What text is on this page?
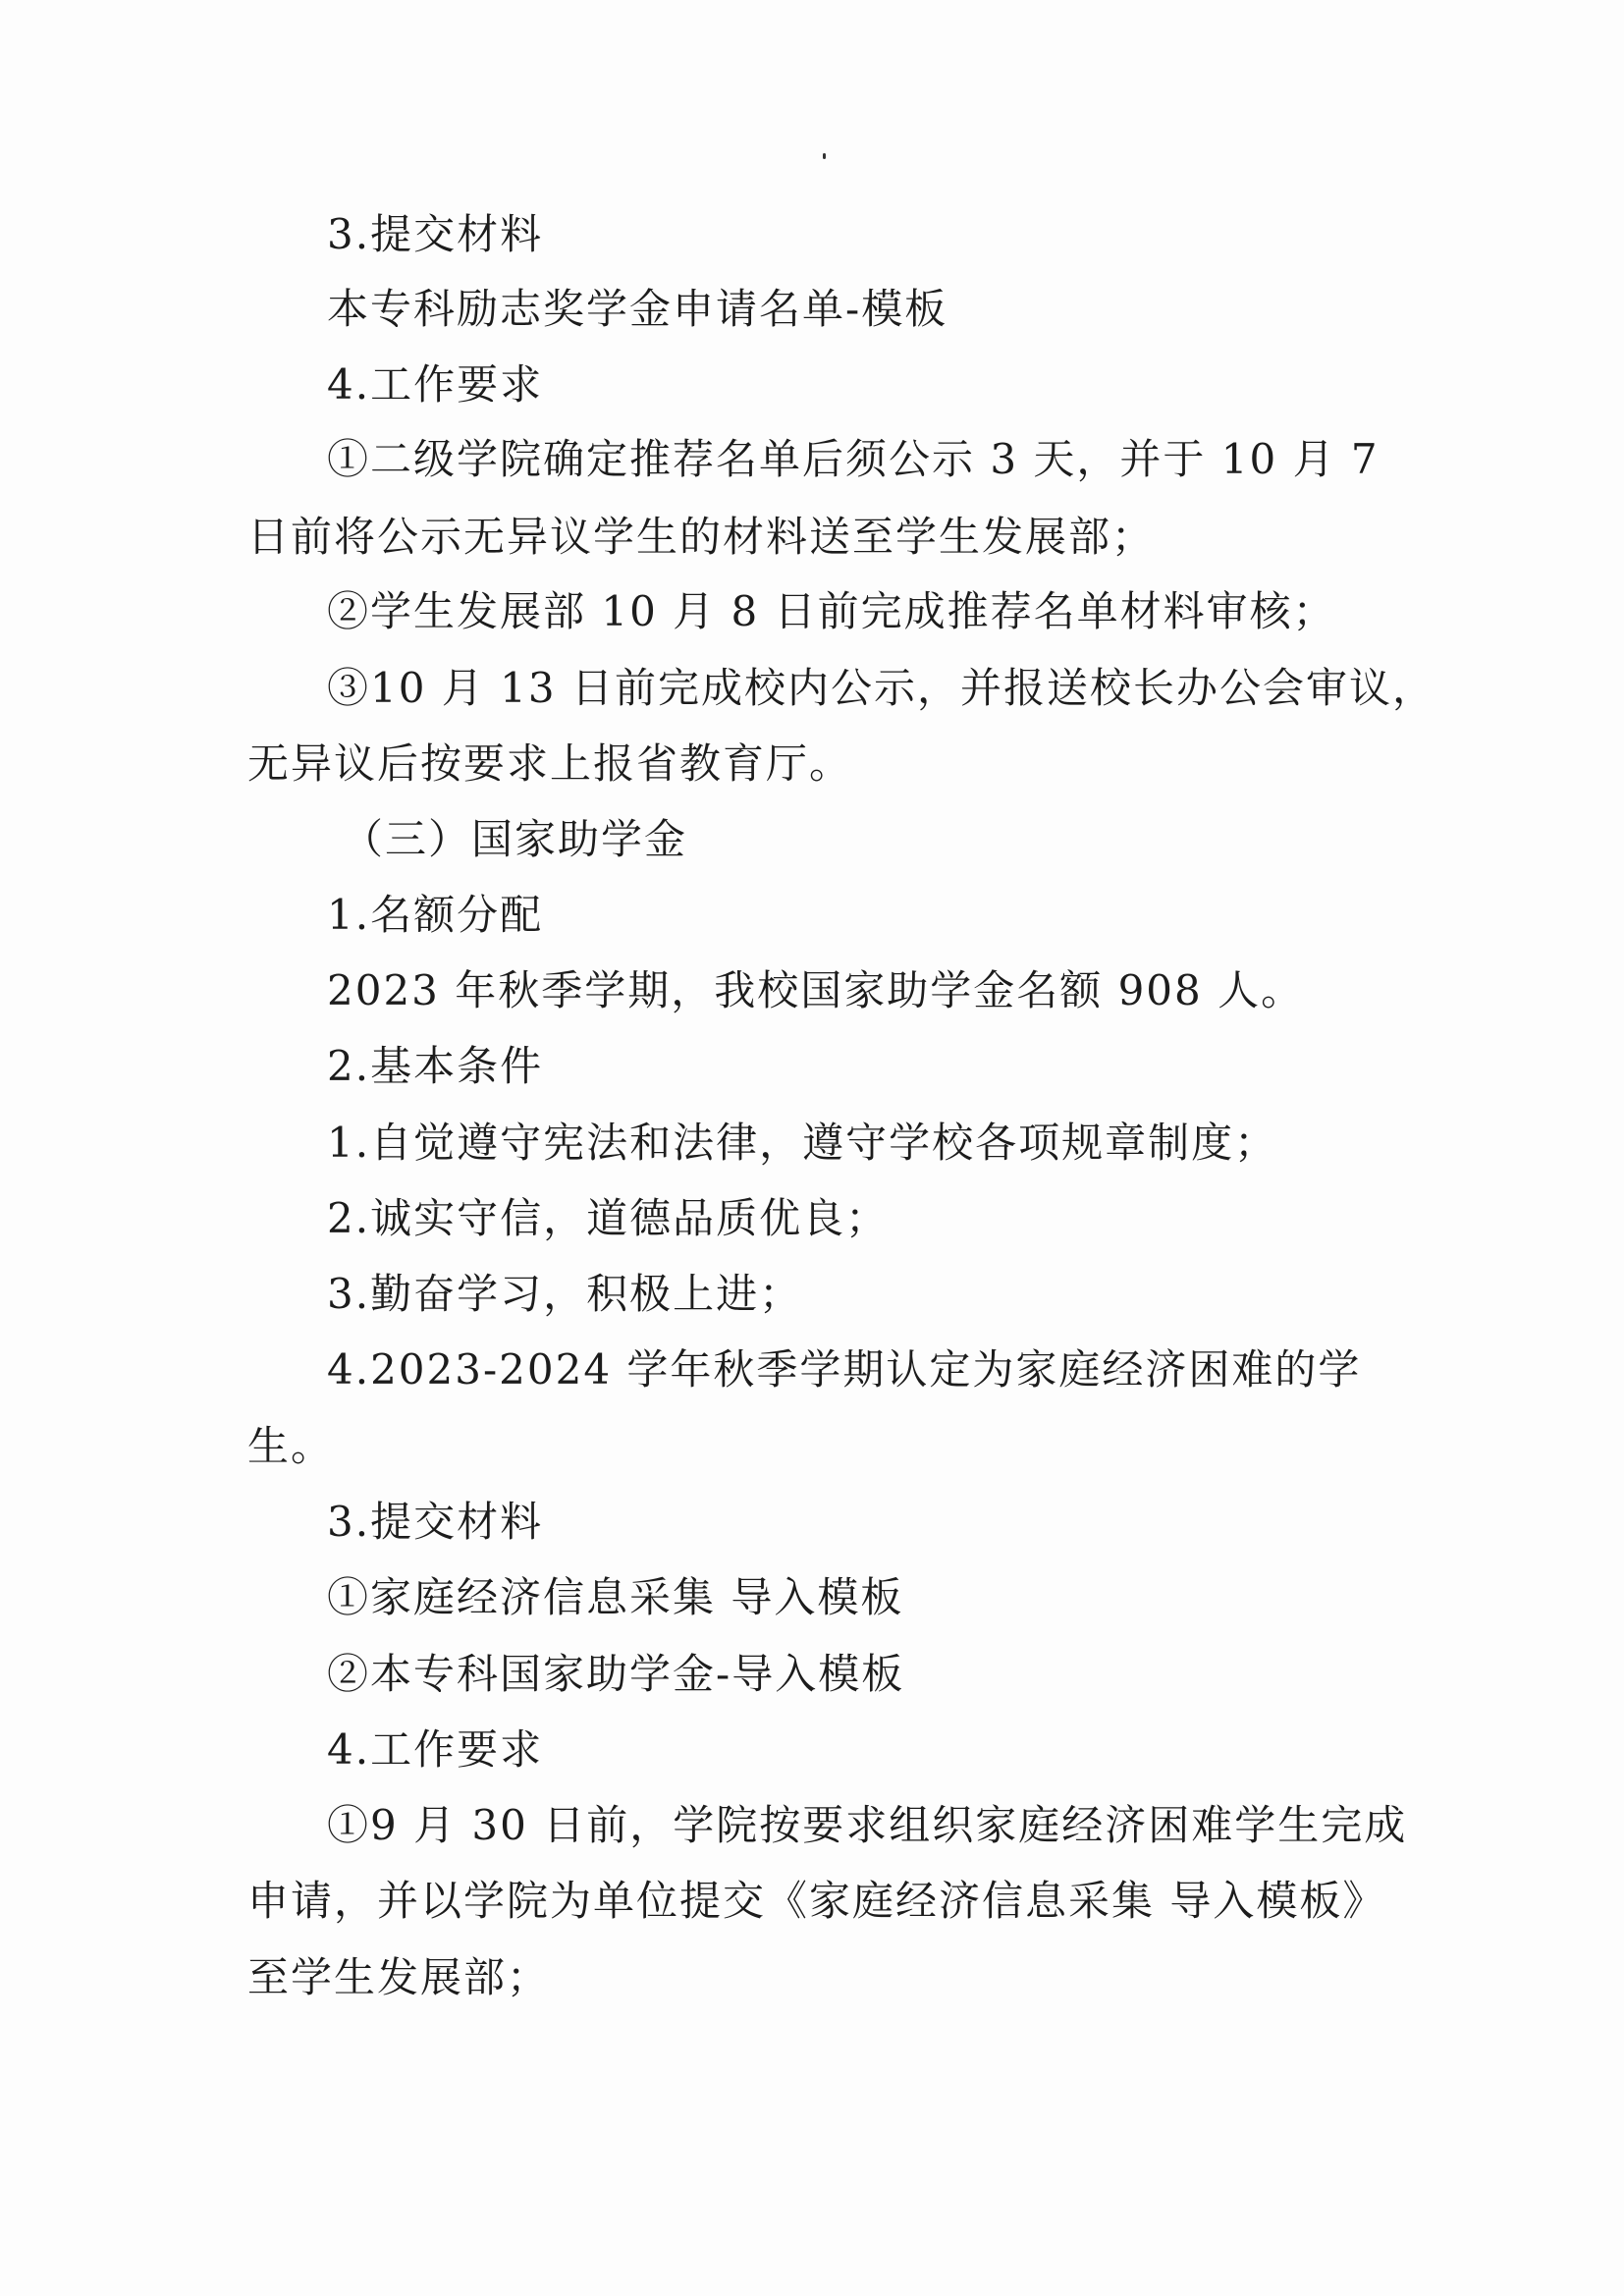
3.提交材料
本专科励志奖学金申请名单-模板
4.工作要求
①二级学院确定推荐名单后须公示 3 天，并于 10 月 7
日前将公示无异议学生的材料送至学生发展部；
②学生发展部 10 月 8 日前完成推荐名单材料审核；
③10 月 13 日前完成校内公示，并报送校长办公会审议，
无异议后按要求上报省教育厅。
（三）国家助学金
1.名额分配
2023 年秋季学期，我校国家助学金名额 908 人。
2.基本条件
1.自觉遵守宪法和法律，遵守学校各项规章制度；
2.诚实守信，道德品质优良；
3.勤奋学习，积极上进；
4.2023-2024 学年秋季学期认定为家庭经济困难的学
生。
3.提交材料
①家庭经济信息采集 导入模板
②本专科国家助学金-导入模板
4.工作要求
①9 月 30 日前，学院按要求组织家庭经济困难学生完成
申请，并以学院为单位提交《家庭经济信息采集 导入模板》
至学生发展部；
